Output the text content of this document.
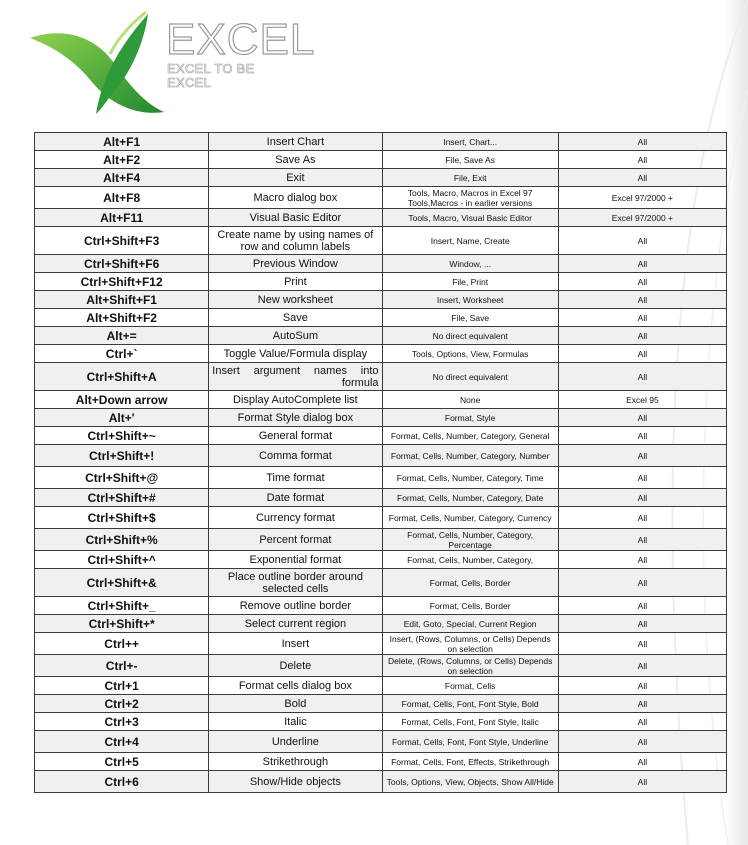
EXCEL
EXCEL TO BE EXCEL
Alt+F1	Insert Chart	Insert, Chart...	All
Alt+F2	Save As	File, Save As	All
Alt+F4	Exit	File, Exit	All
Alt+F8	Macro dialog box	Tools, Macro, Macros in Excel 97 Tools,Macros - in earlier versions	Excel 97/2000 +
Alt+F11	Visual Basic Editor	Tools, Macro, Visual Basic Editor	Excel 97/2000 +
Ctrl+Shift+F3	Create name by using names of row and column labels	Insert, Name, Create	All
Ctrl+Shift+F6	Previous Window	Window, ...	All
Ctrl+Shift+F12	Print	File, Print	All
Alt+Shift+F1	New worksheet	Insert, Worksheet	All
Alt+Shift+F2	Save	File, Save	All
Alt+=	AutoSum	No direct equivalent	All
Ctrl+`	Toggle Value/Formula display	Tools, Options, View, Formulas	All
Ctrl+Shift+A	Insert argument names into formula	No direct equivalent	All
Alt+Down arrow	Display AutoComplete list	None	Excel 95
Alt+'	Format Style dialog box	Format, Style	All
Ctrl+Shift+~	General format	Format, Cells, Number, Category, General	All
Ctrl+Shift+!	Comma format	Format, Cells, Number, Category, Number	All
Ctrl+Shift+@	Time format	Format, Cells, Number, Category, Time	All
Ctrl+Shift+#	Date format	Format, Cells, Number, Category, Date	All
Ctrl+Shift+$	Currency format	Format, Cells, Number, Category, Currency	All
Ctrl+Shift+%	Percent format	Format, Cells, Number, Category, Percentage	All
Ctrl+Shift+^	Exponential format	Format, Cells, Number, Category,	All
Ctrl+Shift+&	Place outline border around selected cells	Format, Cells, Border	All
Ctrl+Shift+_	Remove outline border	Format, Cells, Border	All
Ctrl+Shift+*	Select current region	Edit, Goto, Special, Current Region	All
Ctrl++	Insert	Insert, (Rows, Columns, or Cells) Depends on selection	All
Ctrl+-	Delete	Delete, (Rows, Columns, or Cells) Depends on selection	All
Ctrl+1	Format cells dialog box	Format, Cells	All
Ctrl+2	Bold	Format, Cells, Font, Font Style, Bold	All
Ctrl+3	Italic	Format, Cells, Font, Font Style, Italic	All
Ctrl+4	Underline	Format, Cells, Font, Font Style, Underline	All
Ctrl+5	Strikethrough	Format, Cells, Font, Effects, Strikethrough	All
Ctrl+6	Show/Hide objects	Tools, Options, View, Objects, Show All/Hide	All
